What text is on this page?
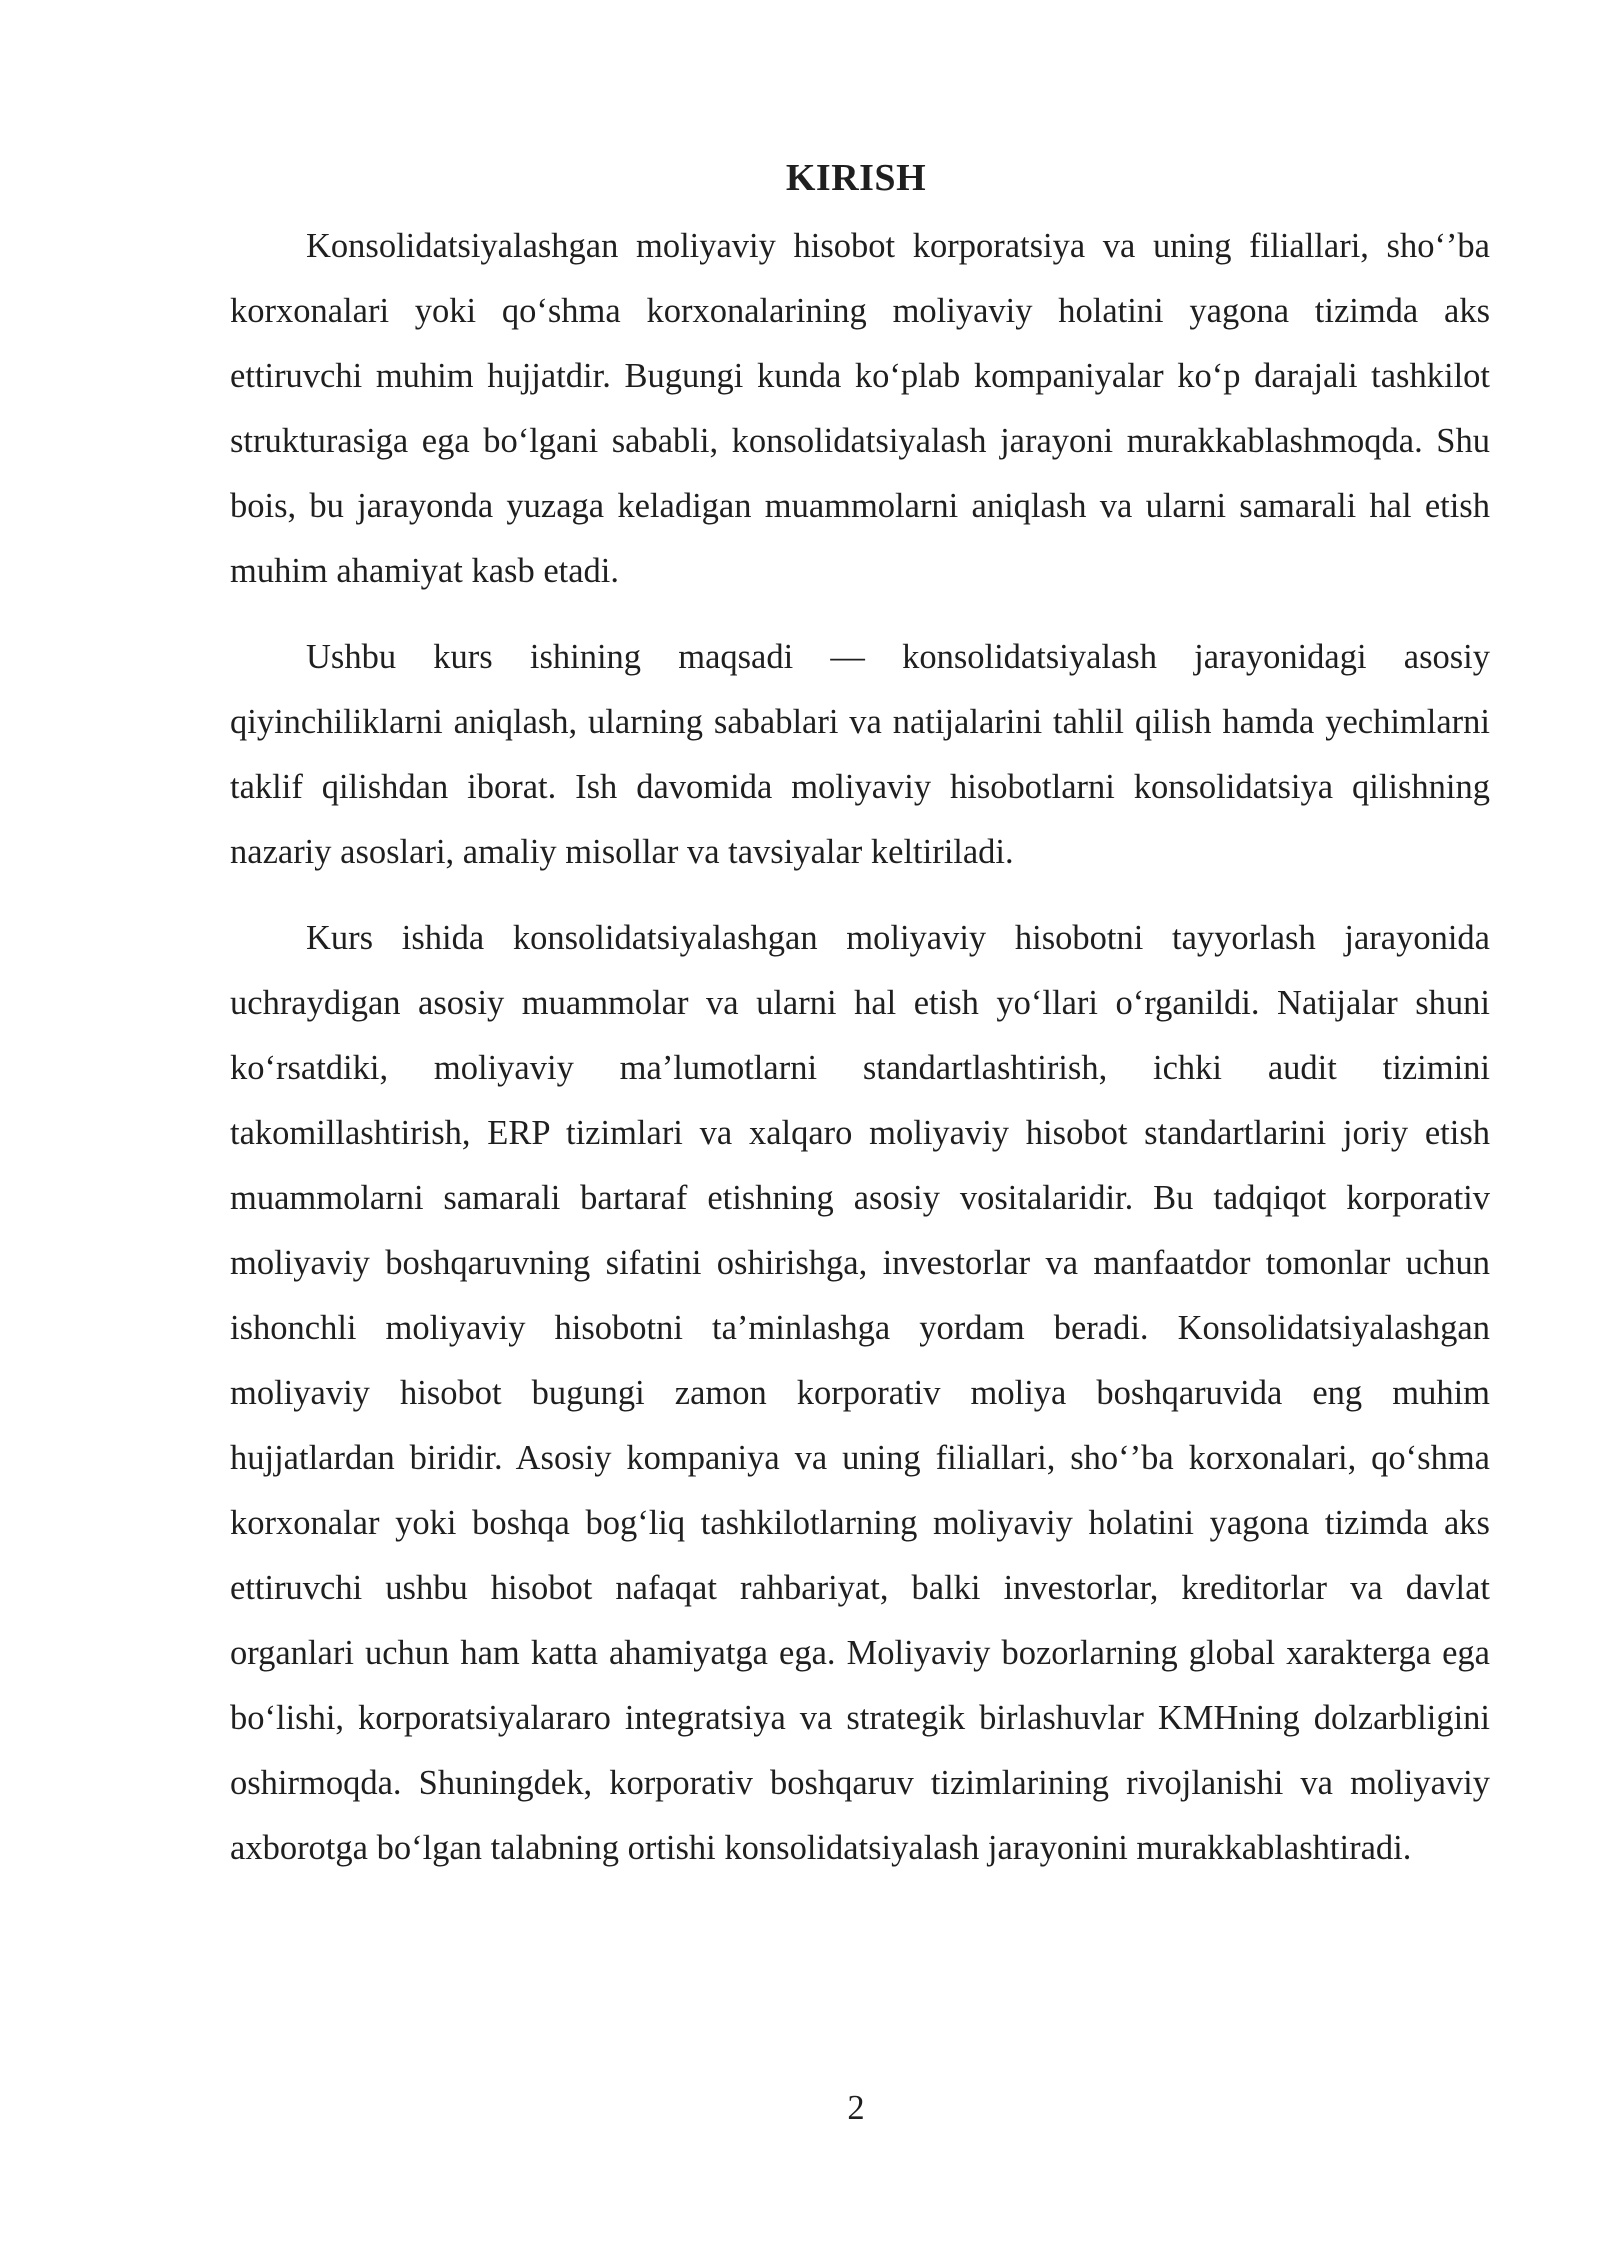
KIRISH

Konsolidatsiyalashgan moliyaviy hisobot korporatsiya va uning filiallari, sho‘’ba korxonalari yoki qo‘shma korxonalarining moliyaviy holatini yagona tizimda aks ettiruvchi muhim hujjatdir. Bugungi kunda ko‘plab kompaniyalar ko‘p darajali tashkilot strukturasiga ega bo‘lgani sababli, konsolidatsiyalash jarayoni murakkablashmoqda. Shu bois, bu jarayonda yuzaga keladigan muammolarni aniqlash va ularni samarali hal etish muhim ahamiyat kasb etadi.

Ushbu kurs ishining maqsadi — konsolidatsiyalash jarayonidagi asosiy qiyinchiliklarni aniqlash, ularning sabablari va natijalarini tahlil qilish hamda yechimlarni taklif qilishdan iborat. Ish davomida moliyaviy hisobotlarni konsolidatsiya qilishning nazariy asoslari, amaliy misollar va tavsiyalar keltiriladi.

Kurs ishida konsolidatsiyalashgan moliyaviy hisobotni tayyorlash jarayonida uchraydigan asosiy muammolar va ularni hal etish yo‘llari o‘rganildi. Natijalar shuni ko‘rsatdiki, moliyaviy ma’lumotlarni standartlashtirish, ichki audit tizimini takomillashtirish, ERP tizimlari va xalqaro moliyaviy hisobot standartlarini joriy etish muammolarni samarali bartaraf etishning asosiy vositalaridir. Bu tadqiqot korporativ moliyaviy boshqaruvning sifatini oshirishga, investorlar va manfaatdor tomonlar uchun ishonchli moliyaviy hisobotni ta’minlashga yordam beradi. Konsolidatsiyalashgan moliyaviy hisobot bugungi zamon korporativ moliya boshqaruvida eng muhim hujjatlardan biridir. Asosiy kompaniya va uning filiallari, sho‘’ba korxonalari, qo‘shma korxonalar yoki boshqa bog‘liq tashkilotlarning moliyaviy holatini yagona tizimda aks ettiruvchi ushbu hisobot nafaqat rahbariyat, balki investorlar, kreditorlar va davlat organlari uchun ham katta ahamiyatga ega. Moliyaviy bozorlarning global xarakterga ega bo‘lishi, korporatsiyalararo integratsiya va strategik birlashuvlar KMHning dolzarbligini oshirmoqda. Shuningdek, korporativ boshqaruv tizimlarining rivojlanishi va moliyaviy axborotga bo‘lgan talabning ortishi konsolidatsiyalash jarayonini murakkablashtiradi.

2
